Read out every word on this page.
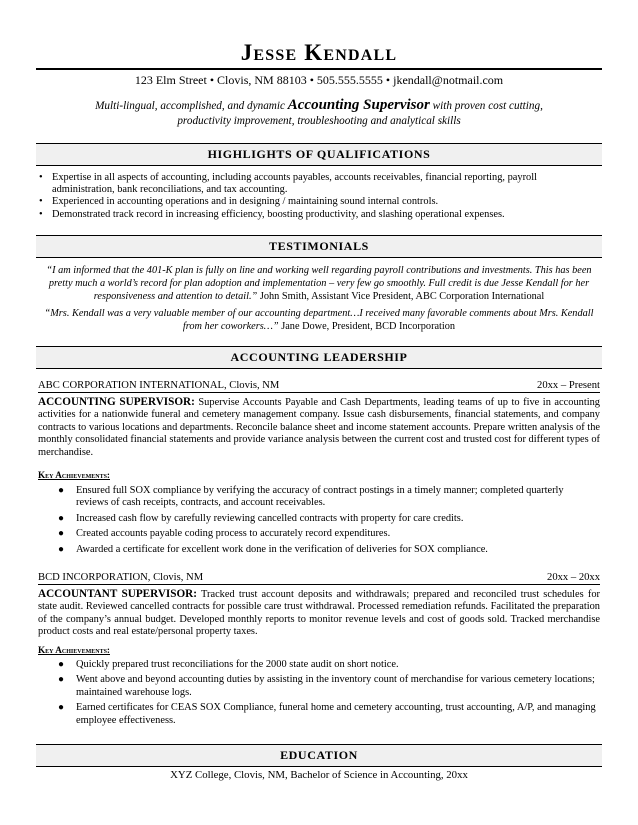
Jesse Kendall
123 Elm Street • Clovis, NM 88103 • 505.555.5555 • jkendall@notmail.com
Multi-lingual, accomplished, and dynamic Accounting Supervisor with proven cost cutting, productivity improvement, troubleshooting and analytical skills
HIGHLIGHTS OF QUALIFICATIONS
• Expertise in all aspects of accounting, including accounts payables, accounts receivables, financial reporting, payroll administration, bank reconciliations, and tax accounting.
• Experienced in accounting operations and in designing / maintaining sound internal controls.
• Demonstrated track record in increasing efficiency, boosting productivity, and slashing operational expenses.
TESTIMONIALS
“I am informed that the 401-K plan is fully on line and working well regarding payroll contributions and investments. This has been pretty much a world’s record for plan adoption and implementation – very few go smoothly. Full credit is due Jesse Kendall for her responsiveness and attention to detail.” John Smith, Assistant Vice President, ABC Corporation International
“Mrs. Kendall was a very valuable member of our accounting department…I received many favorable comments about Mrs. Kendall from her coworkers…” Jane Dowe, President, BCD Incorporation
ACCOUNTING LEADERSHIP
ABC CORPORATION INTERNATIONAL, Clovis, NM	20xx – Present
ACCOUNTING SUPERVISOR: Supervise Accounts Payable and Cash Departments, leading teams of up to five in accounting activities for a nationwide funeral and cemetery management company. Issue cash disbursements, financial statements, and company contracts to various locations and departments. Reconcile balance sheet and income statement accounts. Prepare written analysis of the monthly consolidated financial statements and provide variance analysis between the current cost and trusted cost for different types of merchandise.
Key Achievements:
● Ensured full SOX compliance by verifying the accuracy of contract postings in a timely manner; completed quarterly reviews of cash receipts, contracts, and account receivables.
● Increased cash flow by carefully reviewing cancelled contracts with property for care credits.
● Created accounts payable coding process to accurately record expenditures.
● Awarded a certificate for excellent work done in the verification of deliveries for SOX compliance.
BCD INCORPORATION, Clovis, NM	20xx – 20xx
ACCOUNTANT SUPERVISOR: Tracked trust account deposits and withdrawals; prepared and reconciled trust schedules for state audit. Reviewed cancelled contracts for possible care trust withdrawal. Processed remediation refunds. Facilitated the preparation of the company’s annual budget. Developed monthly reports to monitor revenue levels and cost of goods sold. Tracked merchandise product costs and real estate/personal property taxes.
Key Achievements:
● Quickly prepared trust reconciliations for the 2000 state audit on short notice.
● Went above and beyond accounting duties by assisting in the inventory count of merchandise for various cemetery locations; maintained warehouse logs.
● Earned certificates for CEAS SOX Compliance, funeral home and cemetery accounting, trust accounting, A/P, and managing employee effectiveness.
EDUCATION
XYZ College, Clovis, NM, Bachelor of Science in Accounting, 20xx
